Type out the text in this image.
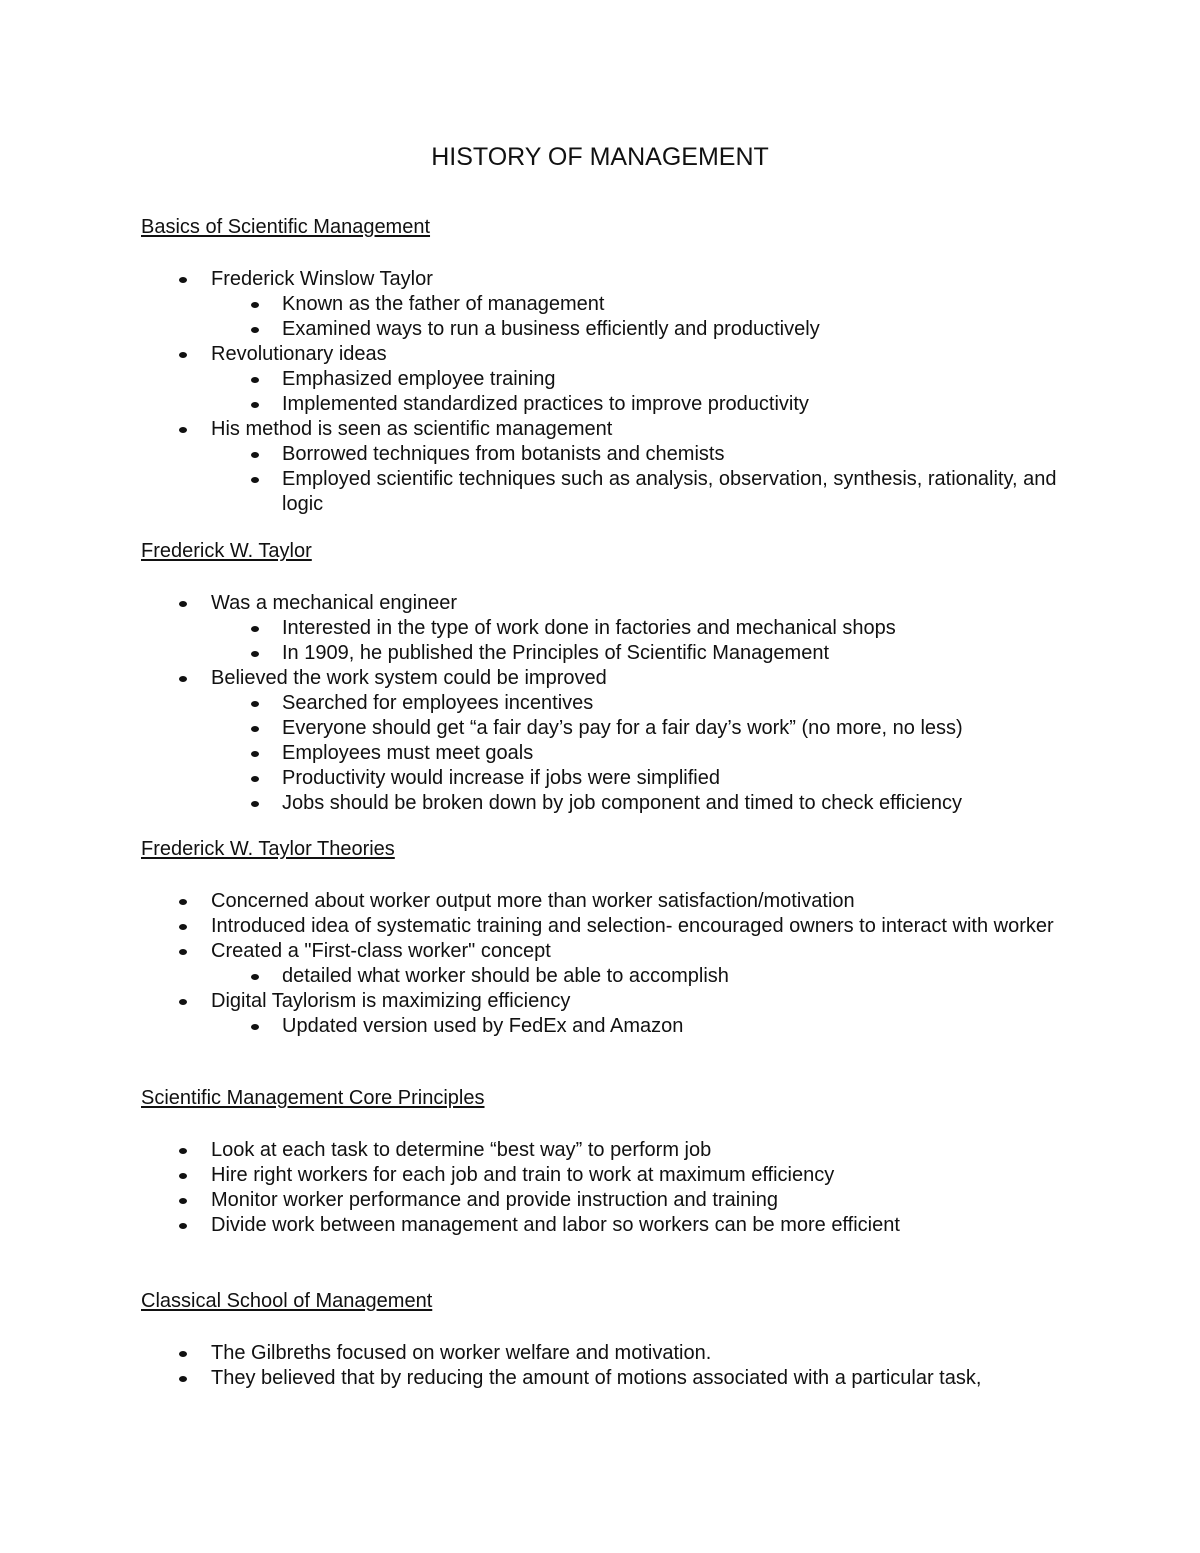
HISTORY OF MANAGEMENT
Basics of Scientific Management
Frederick Winslow Taylor
Known as the father of management
Examined ways to run a business efficiently and productively
Revolutionary ideas
Emphasized employee training
Implemented standardized practices to improve productivity
His method is seen as scientific management
Borrowed techniques from botanists and chemists
Employed scientific techniques such as analysis, observation, synthesis, rationality, and logic
Frederick W. Taylor
Was a mechanical engineer
Interested in the type of work done in factories and mechanical shops
In 1909, he published the Principles of Scientific Management
Believed the work system could be improved
Searched for employees incentives
Everyone should get “a fair day’s pay for a fair day’s work” (no more, no less)
Employees must meet goals
Productivity would increase if jobs were simplified
Jobs should be broken down by job component and timed to check efficiency
Frederick W. Taylor Theories
Concerned about worker output more than worker satisfaction/motivation
Introduced idea of systematic training and selection- encouraged owners to interact with worker
Created a "First-class worker" concept
detailed what worker should be able to accomplish
Digital Taylorism is maximizing efficiency
Updated version used by FedEx and Amazon
Scientific Management Core Principles
Look at each task to determine “best way” to perform job
Hire right workers for each job and train to work at maximum efficiency
Monitor worker performance and provide instruction and training
Divide work between management and labor so workers can be more efficient
Classical School of Management
The Gilbreths focused on worker welfare and motivation.
They believed that by reducing the amount of motions associated with a particular task,
